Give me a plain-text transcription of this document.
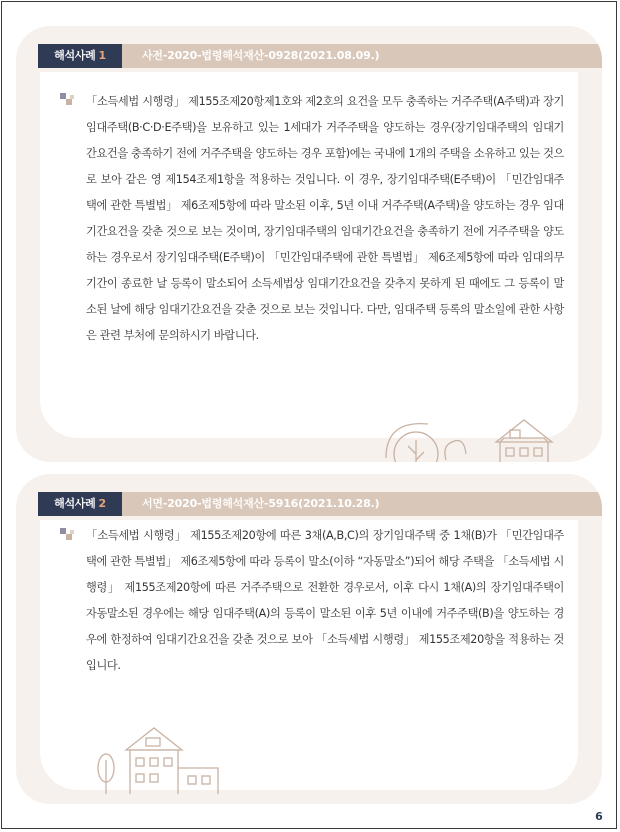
해석사례 1	사전-2020-법령해석재산-0928(2021.08.09.)

「소득세법 시행령」 제155조제20항제1호와 제2호의 요건을 모두 충족하는 거주주택(A주택)과 장기임대주택(B·C·D·E주택)을 보유하고 있는 1세대가 거주주택을 양도하는 경우(장기임대주택의 임대기간요건을 충족하기 전에 거주주택을 양도하는 경우 포함)에는 국내에 1개의 주택을 소유하고 있는 것으로 보아 같은 영 제154조제1항을 적용하는 것입니다. 이 경우, 장기임대주택(E주택)이 「민간임대주택에 관한 특별법」 제6조제5항에 따라 말소된 이후, 5년 이내 거주주택(A주택)을 양도하는 경우 임대기간요건을 갖춘 것으로 보는 것이며, 장기임대주택의 임대기간요건을 충족하기 전에 거주주택을 양도하는 경우로서 장기임대주택(E주택)이 「민간임대주택에 관한 특별법」 제6조제5항에 따라 임대의무기간이 종료한 날 등록이 말소되어 소득세법상 임대기간요건을 갖추지 못하게 된 때에도 그 등록이 말소된 날에 해당 임대기간요건을 갖춘 것으로 보는 것입니다. 다만, 임대주택 등록의 말소일에 관한 사항은 관련 부처에 문의하시기 바랍니다.

해석사례 2	서면-2020-법령해석재산-5916(2021.10.28.)

「소득세법 시행령」 제155조제20항에 따른 3채(A,B,C)의 장기임대주택 중 1채(B)가 「민간임대주택에 관한 특별법」 제6조제5항에 따라 등록이 말소(이하 “자동말소”)되어 해당 주택을 「소득세법 시행령」 제155조제20항에 따른 거주주택으로 전환한 경우로서, 이후 다시 1채(A)의 장기임대주택이 자동말소된 경우에는 해당 임대주택(A)의 등록이 말소된 이후 5년 이내에 거주주택(B)을 양도하는 경우에 한정하여 임대기간요건을 갖춘 것으로 보아 「소득세법 시행령」 제155조제20항을 적용하는 것입니다.

6
